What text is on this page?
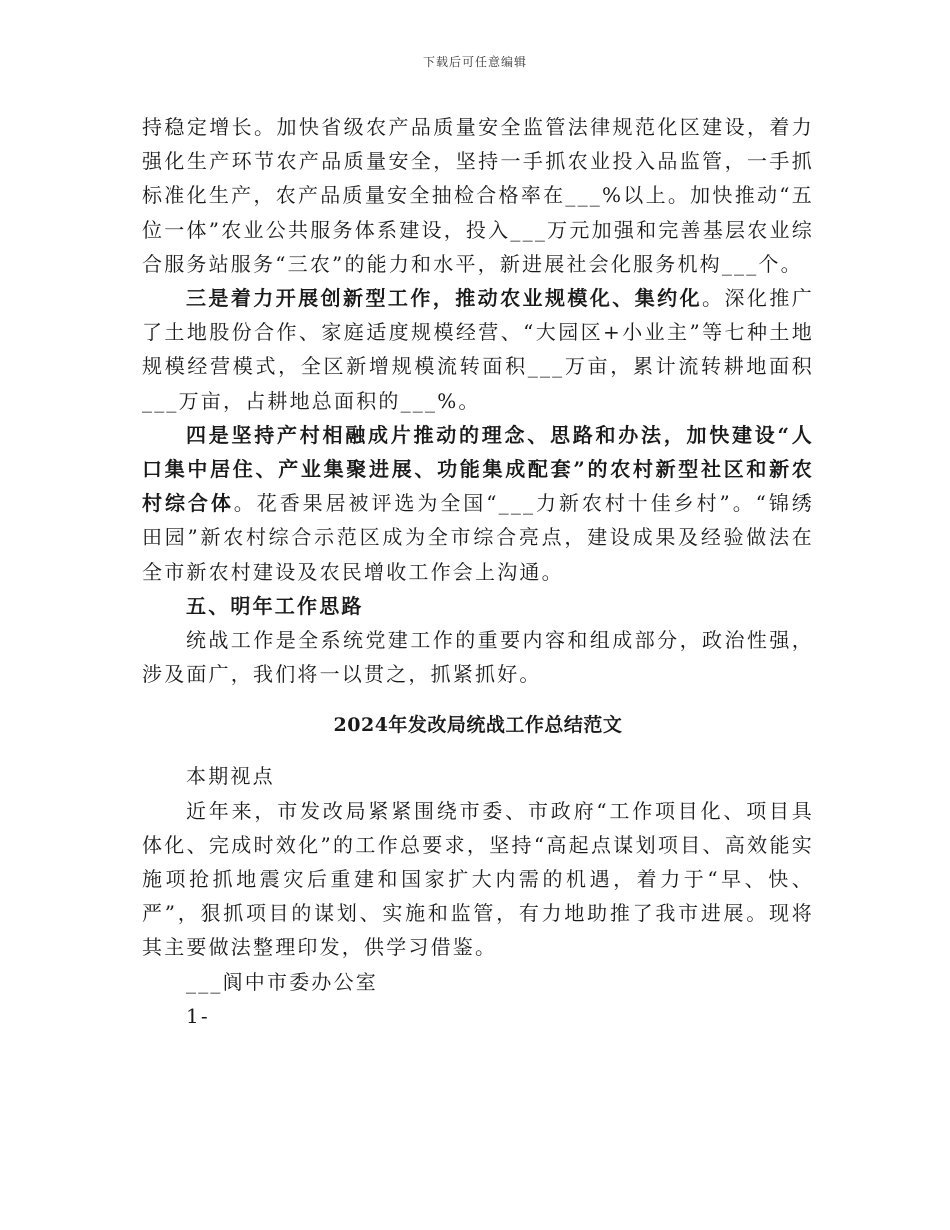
下载后可任意编辑

持稳定增长。加快省级农产品质量安全监管法律规范化区建设，着力强化生产环节农产品质量安全，坚持一手抓农业投入品监管，一手抓标准化生产，农产品质量安全抽检合格率在___%以上。加快推动“五位一体”农业公共服务体系建设，投入___万元加强和完善基层农业综合服务站服务“三农”的能力和水平，新进展社会化服务机构___个。

三是着力开展创新型工作，推动农业规模化、集约化。深化推广了土地股份合作、家庭适度规模经营、“大园区+小业主”等七种土地规模经营模式，全区新增规模流转面积___万亩，累计流转耕地面积___万亩，占耕地总面积的___%。

四是坚持产村相融成片推动的理念、思路和办法，加快建设“人口集中居住、产业集聚进展、功能集成配套”的农村新型社区和新农村综合体。花香果居被评选为全国“___力新农村十佳乡村”。“锦绣田园”新农村综合示范区成为全市综合亮点，建设成果及经验做法在全市新农村建设及农民增收工作会上沟通。

五、明年工作思路

统战工作是全系统党建工作的重要内容和组成部分，政治性强，涉及面广，我们将一以贯之，抓紧抓好。

2024年发改局统战工作总结范文

本期视点

近年来，市发改局紧紧围绕市委、市政府“工作项目化、项目具体化、完成时效化”的工作总要求，坚持“高起点谋划项目、高效能实施项抢抓地震灾后重建和国家扩大内需的机遇，着力于“早、快、严”，狠抓项目的谋划、实施和监管，有力地助推了我市进展。现将其主要做法整理印发，供学习借鉴。

___阆中市委办公室

1-
